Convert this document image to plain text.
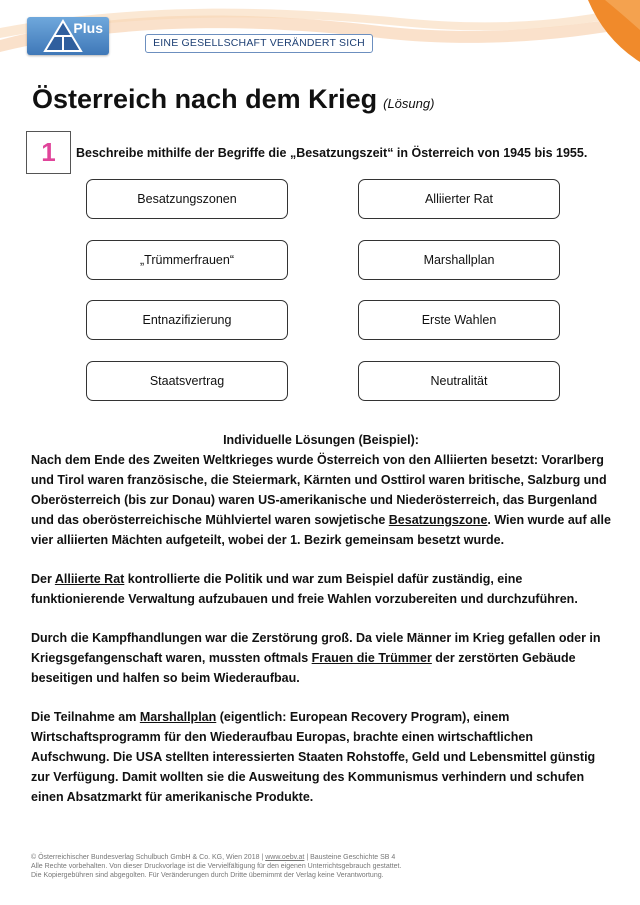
Plus
EINE GESELLSCHAFT VERÄNDERT SICH
Österreich nach dem Krieg (Lösung)
1	Beschreibe mithilfe der Begriffe die „Besatzungszeit“ in Österreich von 1945 bis 1955.
Besatzungszonen	Alliierter Rat
„Trümmerfrauen“	Marshallplan
Entnazifizierung	Erste Wahlen
Staatsvertrag	Neutralität
Individuelle Lösungen (Beispiel):

Nach dem Ende des Zweiten Weltkrieges wurde Österreich von den Alliierten besetzt: Vorarlberg und Tirol waren französische, die Steiermark, Kärnten und Osttirol waren britische, Salzburg und Oberösterreich (bis zur Donau) waren US-amerikanische und Niederösterreich, das Burgenland und das oberösterreichische Mühlviertel waren sowjetische Besatzungszone. Wien wurde auf alle vier alliierten Mächten aufgeteilt, wobei der 1. Bezirk gemeinsam besetzt wurde.

Der Alliierte Rat kontrollierte die Politik und war zum Beispiel dafür zuständig, eine funktionierende Verwaltung aufzubauen und freie Wahlen vorzubereiten und durchzuführen.

Durch die Kampfhandlungen war die Zerstörung groß. Da viele Männer im Krieg gefallen oder in Kriegsgefangenschaft waren, mussten oftmals Frauen die Trümmer der zerstörten Gebäude beseitigen und halfen so beim Wiederaufbau.

Die Teilnahme am Marshallplan (eigentlich: European Recovery Program), einem Wirtschaftsprogramm für den Wiederaufbau Europas, brachte einen wirtschaftlichen Aufschwung. Die USA stellten interessierten Staaten Rohstoffe, Geld und Lebensmittel günstig zur Verfügung. Damit wollten sie die Ausweitung des Kommunismus verhindern und schufen einen Absatzmarkt für amerikanische Produkte.

© Österreichischer Bundesverlag Schulbuch GmbH & Co. KG, Wien 2018 | www.oebv.at | Bausteine Geschichte SB 4
Alle Rechte vorbehalten. Von dieser Druckvorlage ist die Vervielfältigung für den eigenen Unterrichtsgebrauch gestattet.
Die Kopiergebühren sind abgegolten. Für Veränderungen durch Dritte übernimmt der Verlag keine Verantwortung.
